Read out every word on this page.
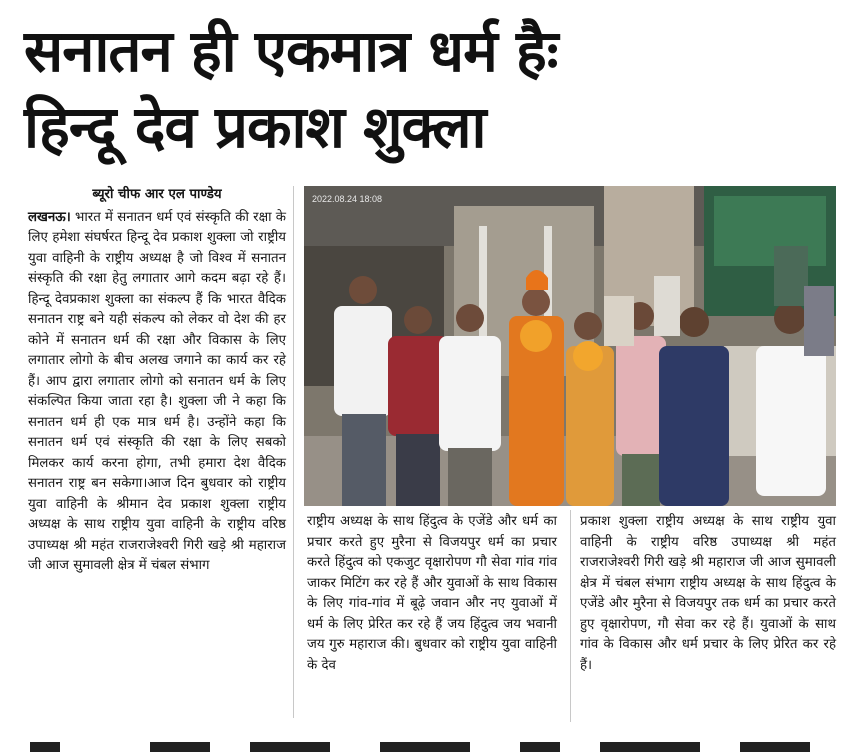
सनातन ही एकमात्र धर्म हैः
हिन्दू देव प्रकाश शुक्ला
ब्यूरो चीफ आर एल पाण्डेय
लखनऊ। भारत में सनातन धर्म एवं संस्कृति की रक्षा के लिए हमेशा संघर्षरत हिन्दू देव प्रकाश शुक्ला जो राष्ट्रीय युवा वाहिनी के राष्ट्रीय अध्यक्ष है जो विश्व में सनातन संस्कृति की रक्षा हेतु लगातार आगे कदम बढ़ा रहे हैं। हिन्दू देवप्रकाश शुक्ला का संकल्प हैं कि भारत वैदिक सनातन राष्ट्र बने यही संकल्प को लेकर वो देश की हर कोने में सनातन धर्म की रक्षा और विकास के लिए लगातार लोगो के बीच अलख जगाने का कार्य कर रहे हैं। आप द्वारा लगातार लोगो को सनातन धर्म के लिए संकल्पित किया जाता रहा है। शुक्ला जी ने कहा कि सनातन धर्म ही एक मात्र धर्म है। उन्होंने कहा कि सनातन धर्म एवं संस्कृति की रक्षा के लिए सबको मिलकर कार्य करना होगा, तभी हमारा देश वैदिक सनातन राष्ट्र बन सकेगा।आज दिन बुधवार को राष्ट्रीय युवा वाहिनी के श्रीमान देव प्रकाश शुक्ला राष्ट्रीय अध्यक्ष के साथ राष्ट्रीय युवा वाहिनी के राष्ट्रीय वरिष्ठ उपाध्यक्ष श्री महंत राजराजेश्वरी गिरी खड़े श्री महाराज जी आज सुमावली क्षेत्र में चंबल संभाग
2022.08.24 18:08
राष्ट्रीय अध्यक्ष के साथ हिंदुत्व के एजेंडे और धर्म का प्रचार करते हुए मुरैना से विजयपुर धर्म का प्रचार करते हिंदुत्व को एकजुट वृक्षारोपण गौ सेवा गांव गांव जाकर मिटिंग कर रहे हैं और युवाओं के साथ विकास के लिए गांव-गांव में बूढ़े जवान और नए युवाओं में धर्म के लिए प्रेरित कर रहे हैं जय हिंदुत्व जय भवानी जय गुरु महाराज की। बुधवार को राष्ट्रीय युवा वाहिनी के देव
प्रकाश शुक्ला राष्ट्रीय अध्यक्ष के साथ राष्ट्रीय युवा वाहिनी के राष्ट्रीय वरिष्ठ उपाध्यक्ष श्री महंत राजराजेश्वरी गिरी खड़े श्री महाराज जी आज सुमावली क्षेत्र में चंबल संभाग राष्ट्रीय अध्यक्ष के साथ हिंदुत्व के एजेंडे और मुरैना से विजयपुर तक धर्म का प्रचार करते हुए वृक्षारोपण, गौ सेवा कर रहे हैं। युवाओं के साथ गांव के विकास और धर्म प्रचार के लिए प्रेरित कर रहे हैं।
